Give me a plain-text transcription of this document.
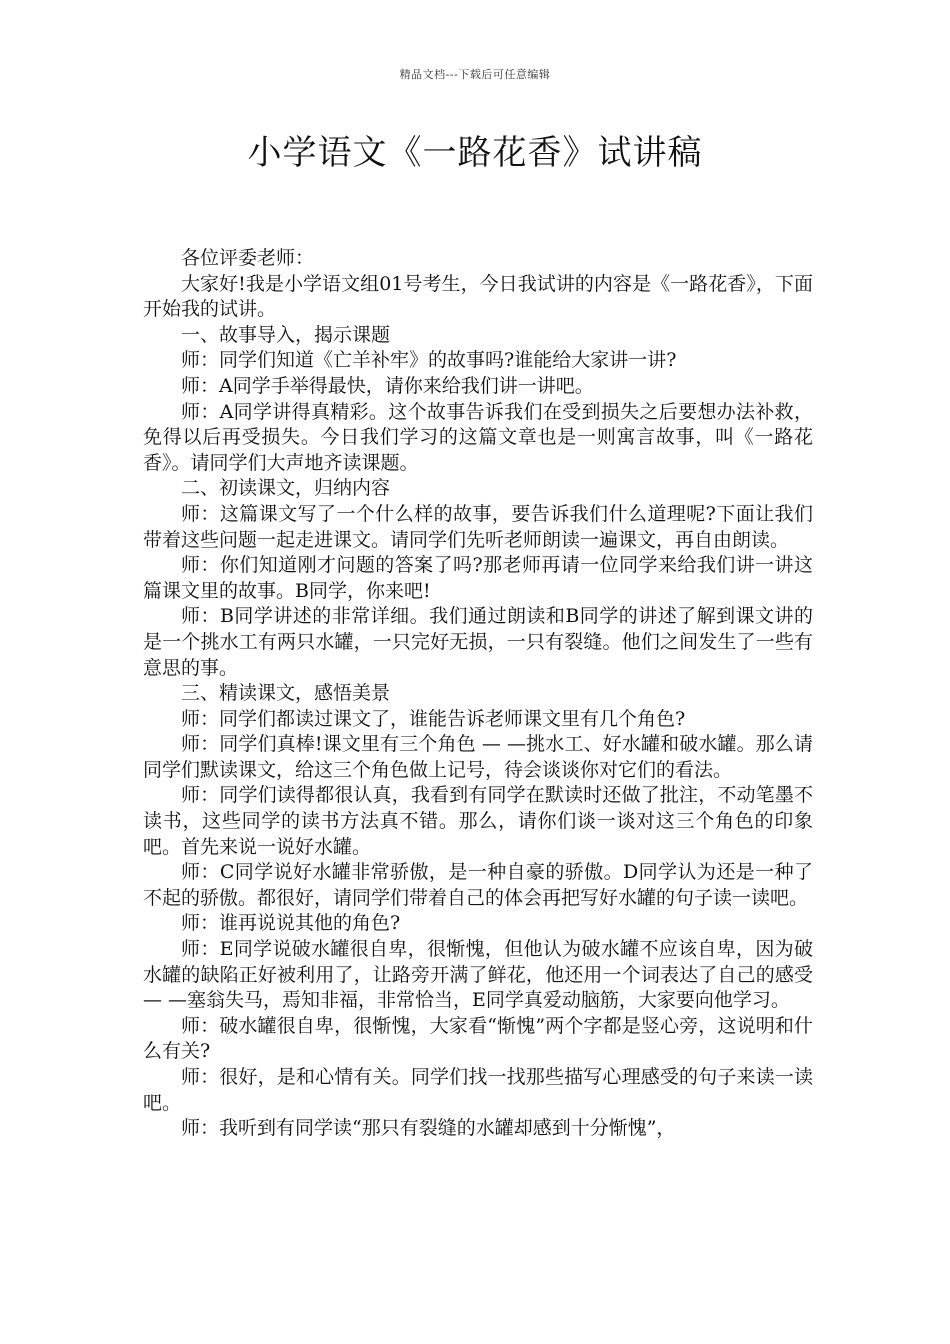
精品文档---下载后可任意编辑
小学语文《一路花香》试讲稿

各位评委老师：

大家好!我是小学语文组01号考生，今日我试讲的内容是《一路花香》，下面开始我的试讲。

一、故事导入，揭示课题

师：同学们知道《亡羊补牢》的故事吗?谁能给大家讲一讲?

师：A同学手举得最快，请你来给我们讲一讲吧。

师：A同学讲得真精彩。这个故事告诉我们在受到损失之后要想办法补救，免得以后再受损失。今日我们学习的这篇文章也是一则寓言故事，叫《一路花香》。请同学们大声地齐读课题。

二、初读课文，归纳内容

师：这篇课文写了一个什么样的故事，要告诉我们什么道理呢?下面让我们带着这些问题一起走进课文。请同学们先听老师朗读一遍课文，再自由朗读。

师：你们知道刚才问题的答案了吗?那老师再请一位同学来给我们讲一讲这篇课文里的故事。B同学，你来吧!

师：B同学讲述的非常详细。我们通过朗读和B同学的讲述了解到课文讲的是一个挑水工有两只水罐，一只完好无损，一只有裂缝。他们之间发生了一些有意思的事。

三、精读课文，感悟美景

师：同学们都读过课文了，谁能告诉老师课文里有几个角色?

师：同学们真棒!课文里有三个角色 — —挑水工、好水罐和破水罐。那么请同学们默读课文，给这三个角色做上记号，待会谈谈你对它们的看法。

师：同学们读得都很认真，我看到有同学在默读时还做了批注，不动笔墨不读书，这些同学的读书方法真不错。那么，请你们谈一谈对这三个角色的印象吧。首先来说一说好水罐。

师：C同学说好水罐非常骄傲，是一种自豪的骄傲。D同学认为还是一种了不起的骄傲。都很好，请同学们带着自己的体会再把写好水罐的句子读一读吧。

师：谁再说说其他的角色?

师：E同学说破水罐很自卑，很惭愧，但他认为破水罐不应该自卑，因为破水罐的缺陷正好被利用了，让路旁开满了鲜花，他还用一个词表达了自己的感受 — —塞翁失马，焉知非福，非常恰当，E同学真爱动脑筋，大家要向他学习。

师：破水罐很自卑，很惭愧，大家看“惭愧”两个字都是竖心旁，这说明和什么有关?

师：很好，是和心情有关。同学们找一找那些描写心理感受的句子来读一读吧。

师：我听到有同学读“那只有裂缝的水罐却感到十分惭愧”，
